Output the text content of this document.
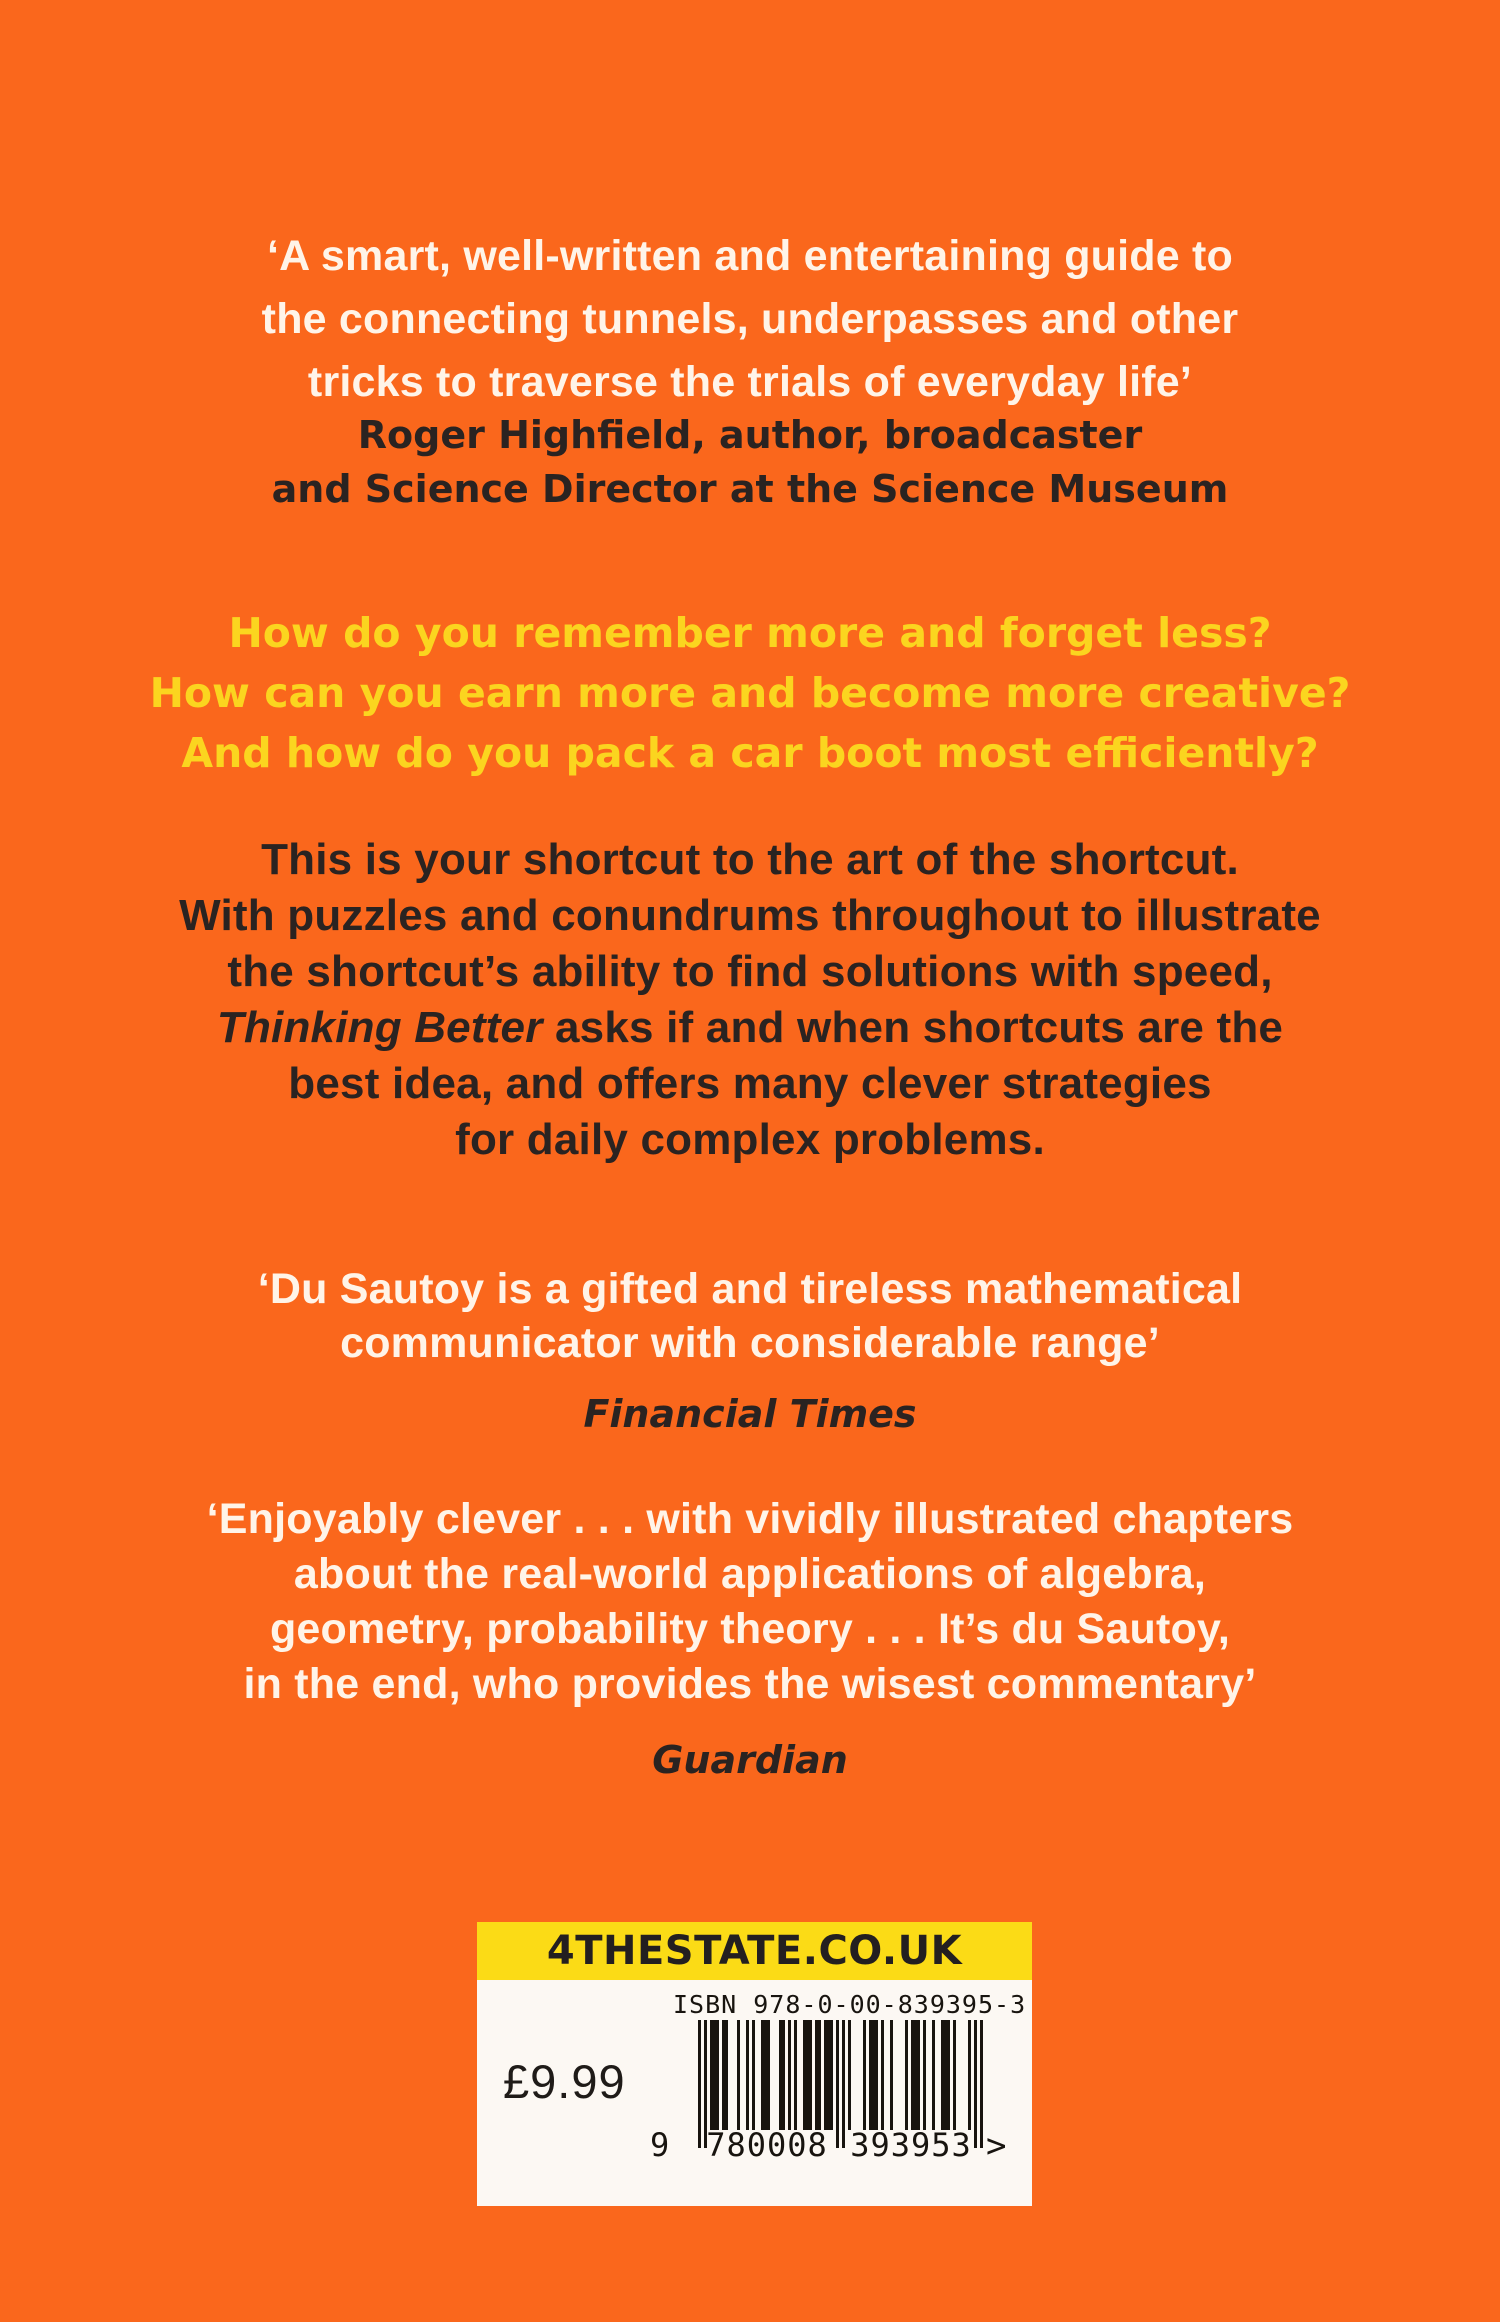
‘A smart, well-written and entertaining guide to

the connecting tunnels, underpasses and other

tricks to traverse the trials of everyday life’

Roger Highfield, author, broadcaster

and Science Director at the Science Museum

How do you remember more and forget less?

How can you earn more and become more creative?

And how do you pack a car boot most efficiently?

This is your shortcut to the art of the shortcut.

With puzzles and conundrums throughout to illustrate

the shortcut’s ability to find solutions with speed,

Thinking Better asks if and when shortcuts are the

best idea, and offers many clever strategies

for daily complex problems.

‘Du Sautoy is a gifted and tireless mathematical

communicator with considerable range’

Financial Times

‘Enjoyably clever . . . with vividly illustrated chapters

about the real-world applications of algebra,

geometry, probability theory . . . It’s du Sautoy,

in the end, who provides the wisest commentary’

Guardian

4THESTATE.CO.UK
ISBN 978-0-00-839395-3
£9.99
9 780008 393953 >
